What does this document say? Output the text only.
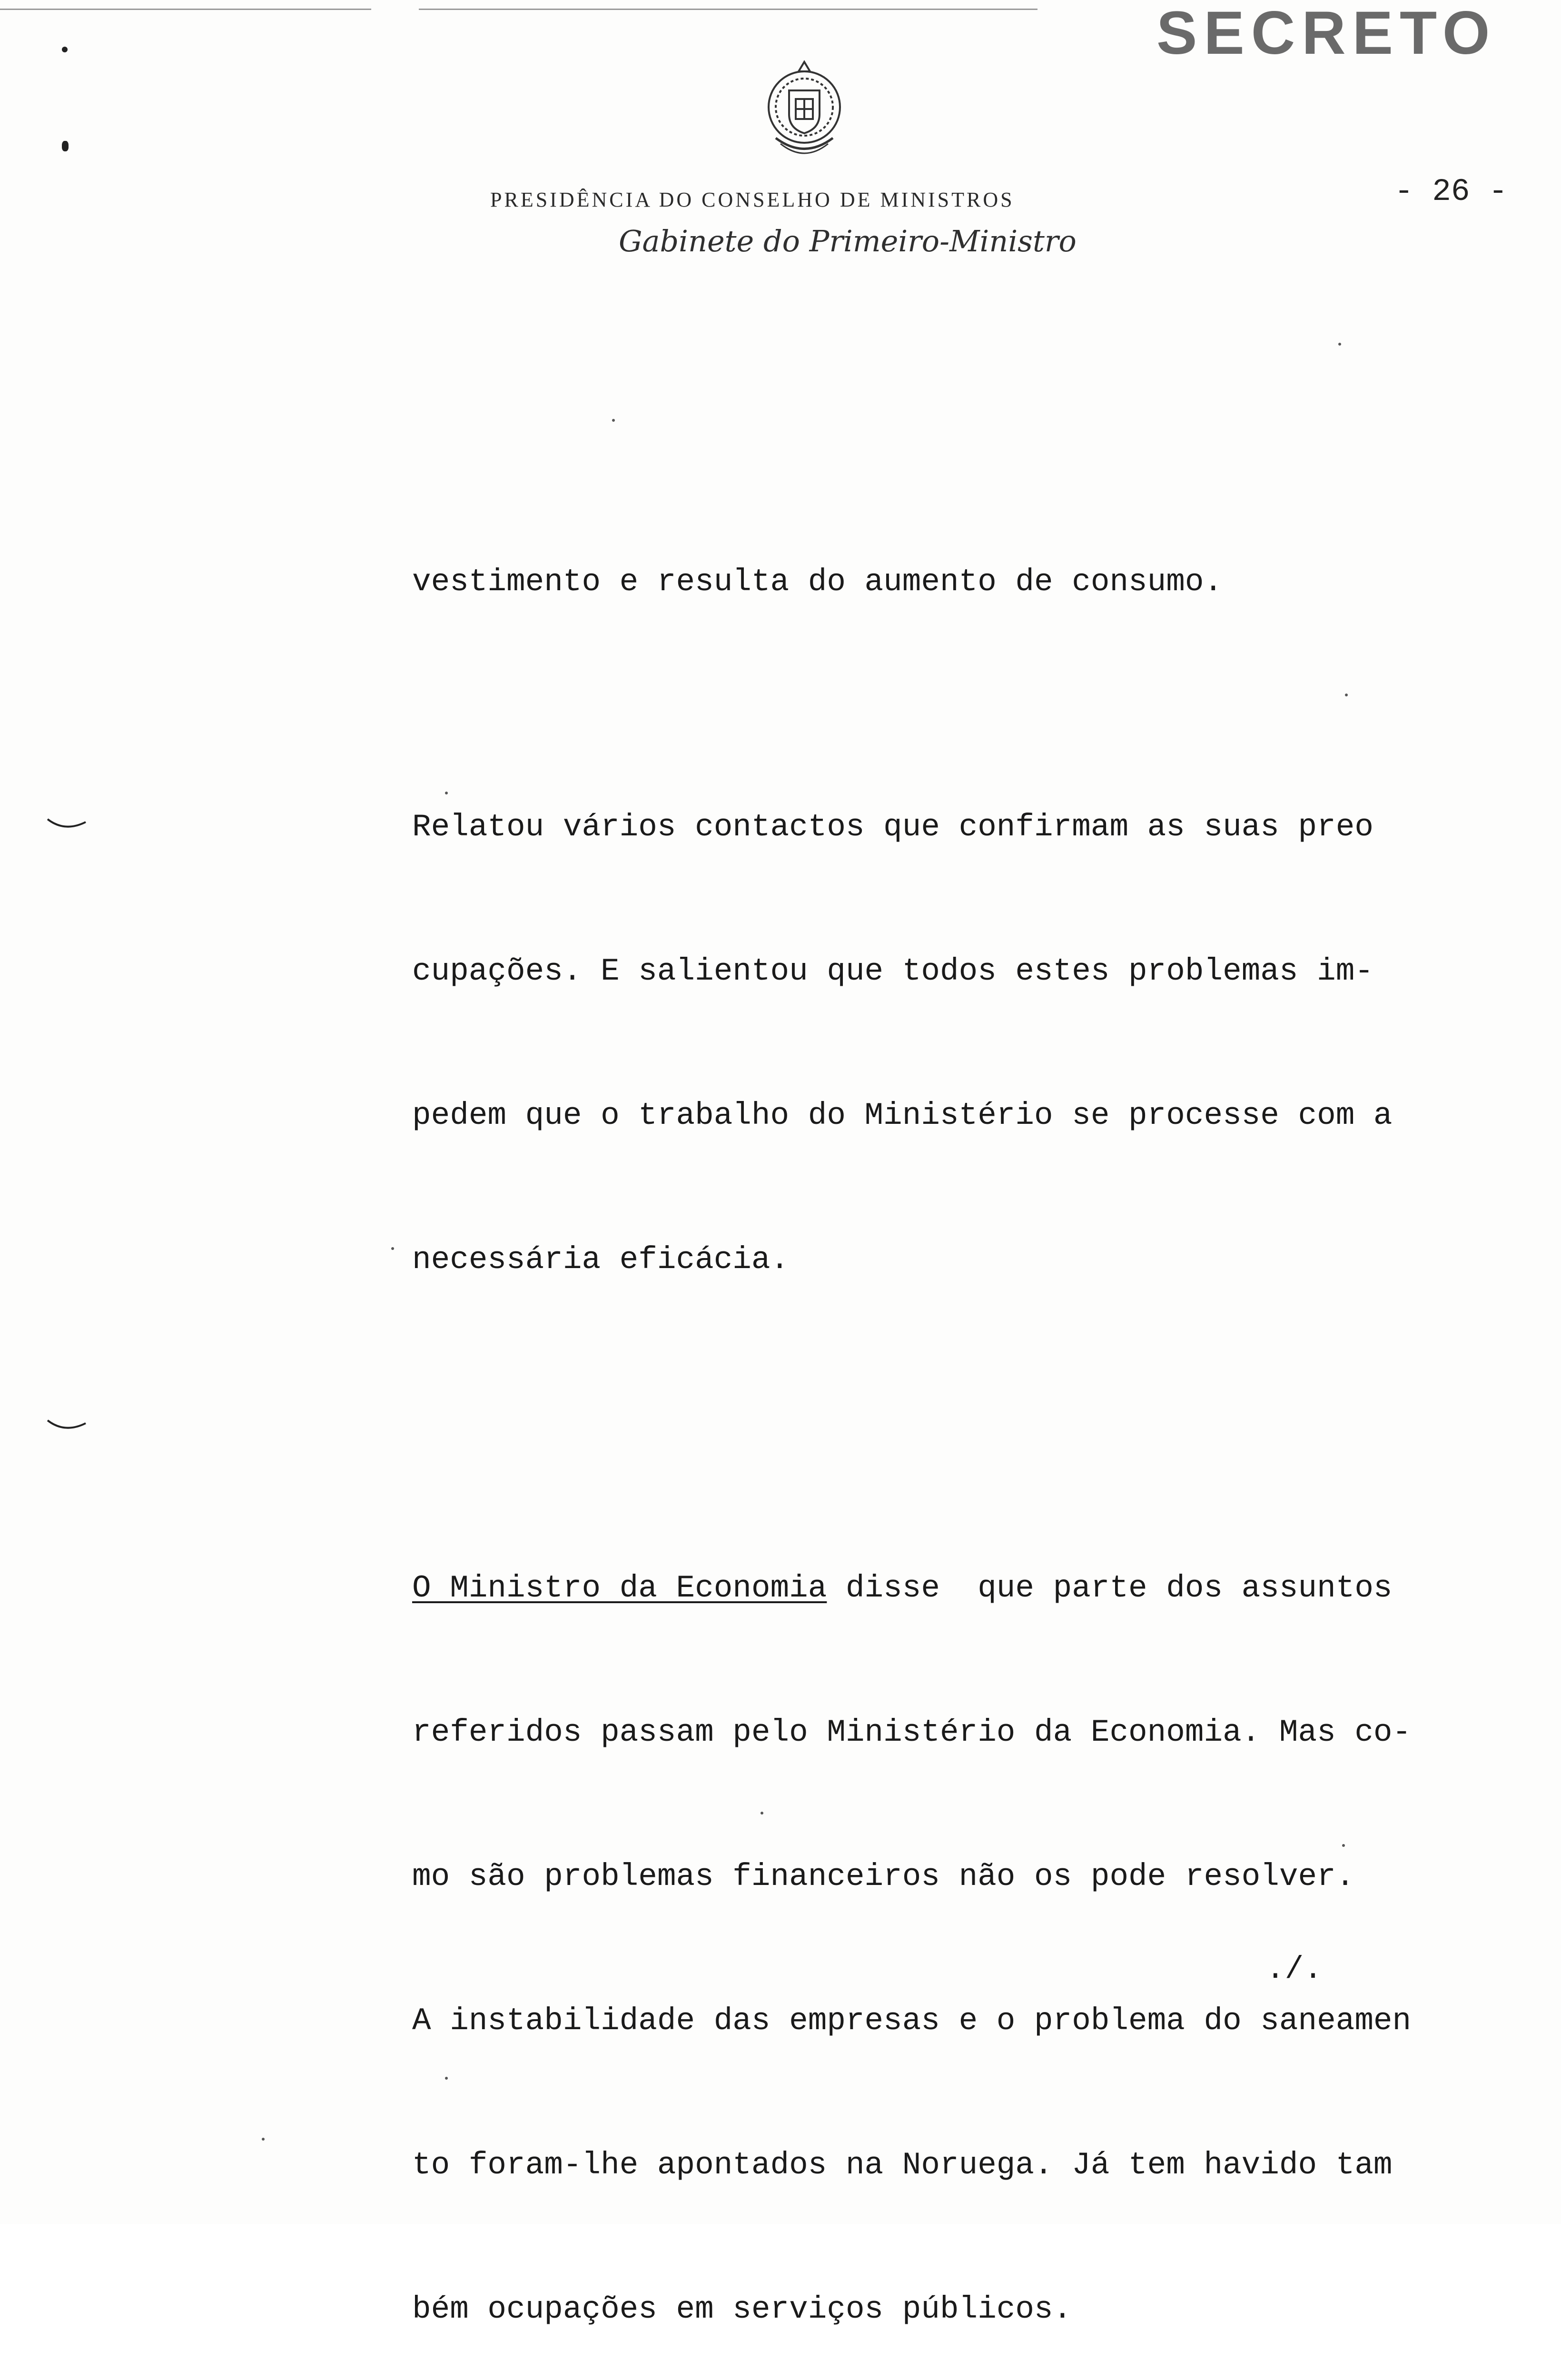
SECRETO
- 26 -
PRESIDÊNCIA DO CONSELHO DE MINISTROS
Gabinete do Primeiro-Ministro

vestimento e resulta do aumento de consumo.

Relatou vários contactos que confirmam as suas preo

cupações. E salientou que todos estes problemas im-

pedem que o trabalho do Ministério se processe com a

necessária eficácia.

O Ministro da Economia disse  que parte dos assuntos

referidos passam pelo Ministério da Economia. Mas co-

mo são problemas financeiros não os pode resolver.

A instabilidade das empresas e o problema do saneamen

to foram-lhe apontados na Noruega. Já tem havido tam

bém ocupações em serviços públicos.

./.
